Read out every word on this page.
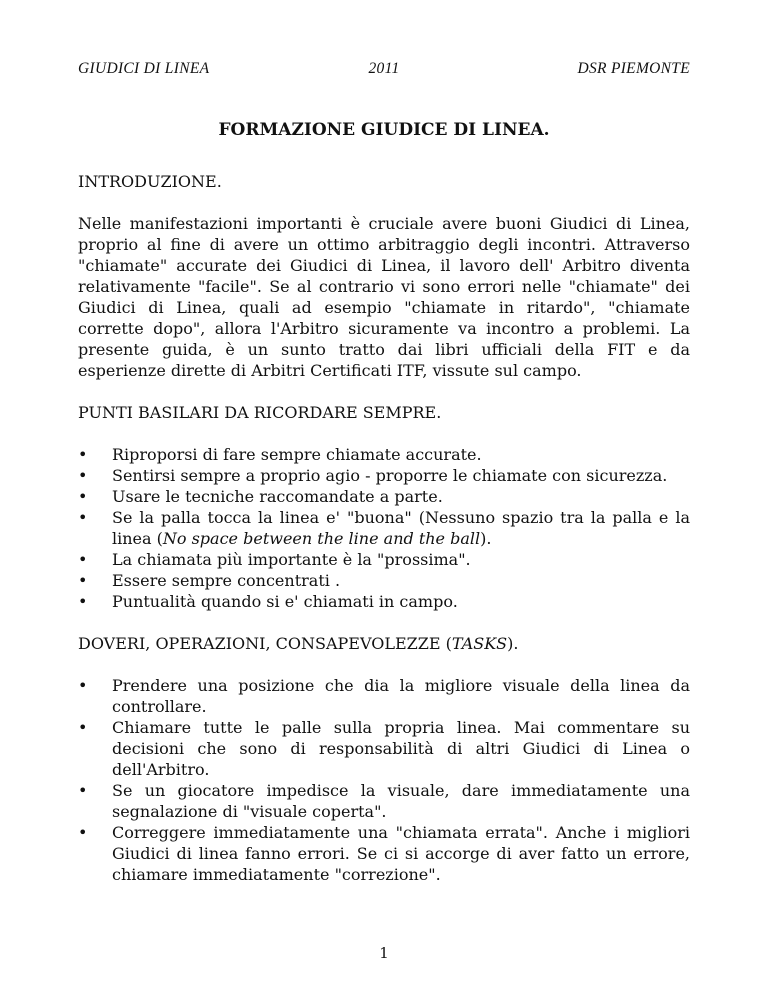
GIUDICI DI LINEA	2011	DSR PIEMONTE
FORMAZIONE GIUDICE DI LINEA.
INTRODUZIONE.
Nelle manifestazioni importanti è cruciale avere buoni Giudici di Linea, proprio al fine di avere un ottimo arbitraggio degli incontri. Attraverso "chiamate" accurate dei Giudici di Linea, il lavoro dell' Arbitro diventa relativamente "facile". Se al contrario vi sono errori nelle "chiamate" dei Giudici di Linea, quali ad esempio "chiamate in ritardo", "chiamate corrette dopo", allora l'Arbitro sicuramente va incontro a problemi. La presente guida, è un sunto tratto dai libri ufficiali della FIT e da esperienze dirette di Arbitri Certificati ITF, vissute sul campo.
PUNTI BASILARI DA RICORDARE SEMPRE.
• Riproporsi di fare sempre chiamate accurate.
• Sentirsi sempre a proprio agio - proporre le chiamate con sicurezza.
• Usare le tecniche raccomandate a parte.
• Se la palla tocca la linea e' "buona" (Nessuno spazio tra la palla e la linea (No space between the line and the ball).
• La chiamata più importante è la "prossima".
• Essere sempre concentrati .
• Puntualità quando si e' chiamati in campo.
DOVERI, OPERAZIONI, CONSAPEVOLEZZE (TASKS).
• Prendere una posizione che dia la migliore visuale della linea da controllare.
• Chiamare tutte le palle sulla propria linea. Mai commentare su decisioni che sono di responsabilità di altri Giudici di Linea o dell'Arbitro.
• Se un giocatore impedisce la visuale, dare immediatamente una segnalazione di "visuale coperta".
• Correggere immediatamente una "chiamata errata". Anche i migliori Giudici di linea fanno errori. Se ci si accorge di aver fatto un errore, chiamare immediatamente "correzione".
1
